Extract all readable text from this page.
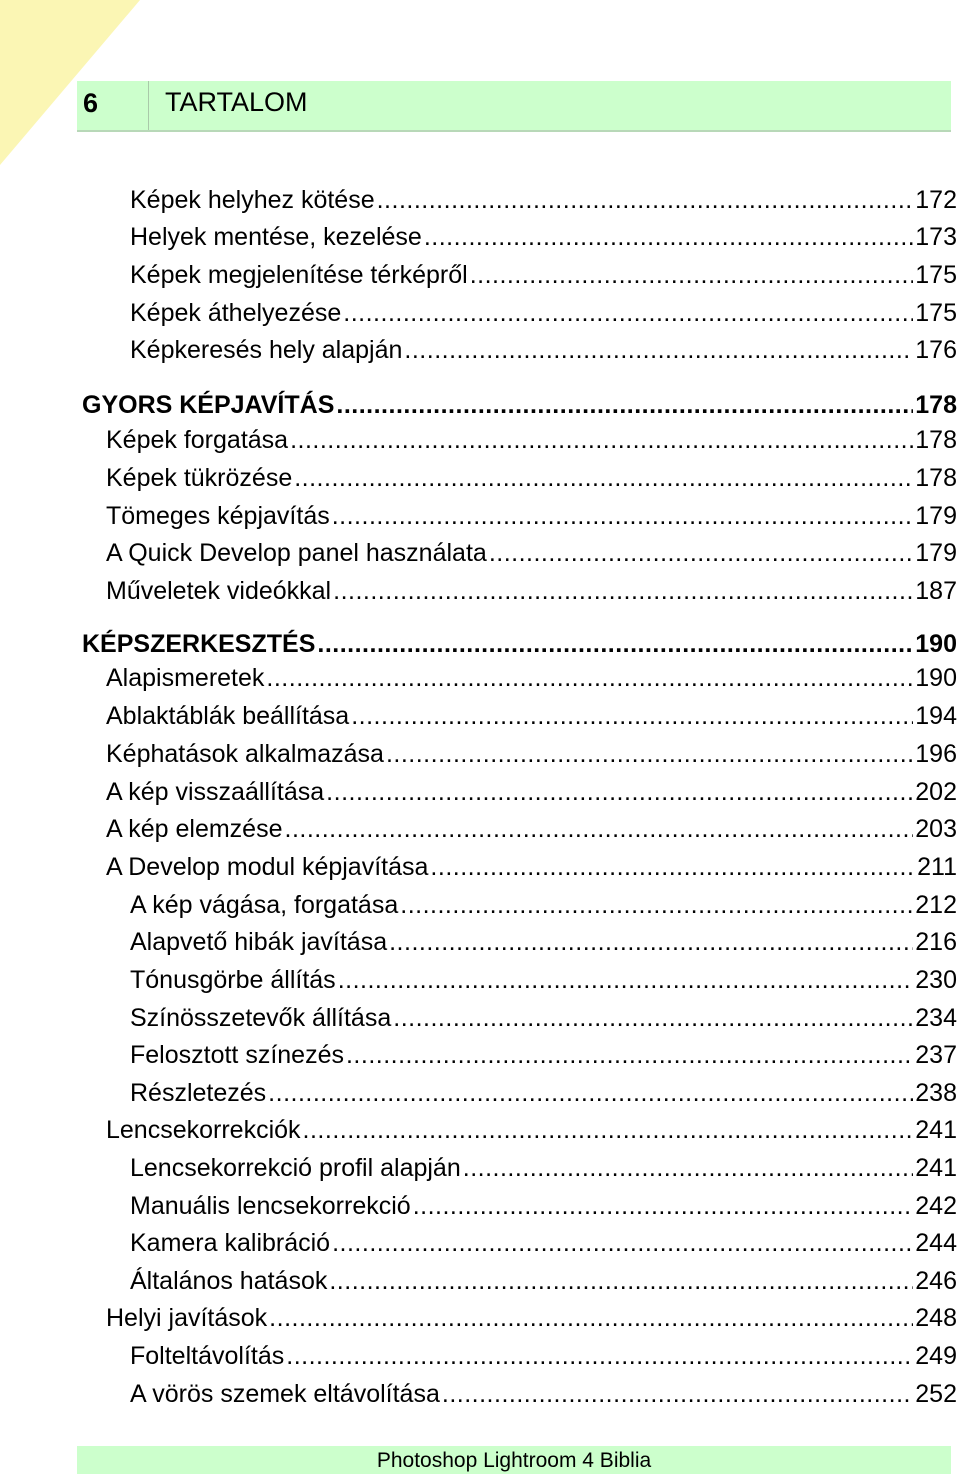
6 TARTALOM
Képek helyhez kötése .....	172
Helyek mentése, kezelése .....	173
Képek megjelenítése térképről .....	175
Képek áthelyezése .....	175
Képkeresés hely alapján .....	176
GYORS KÉPJAVÍTÁS .....	178
Képek forgatása .....	178
Képek tükrözése .....	178
Tömeges képjavítás .....	179
A Quick Develop panel használata .....	179
Műveletek videókkal .....	187
KÉPSZERKESZTÉS .....	190
Alapismeretek .....	190
Ablaktáblák beállítása .....	194
Képhatások alkalmazása .....	196
A kép visszaállítása .....	202
A kép elemzése .....	203
A Develop modul képjavítása .....	211
A kép vágása, forgatása .....	212
Alapvető hibák javítása .....	216
Tónusgörbe állítás .....	230
Színösszetevők állítása .....	234
Felosztott színezés .....	237
Részletezés .....	238
Lencsekorrekciók .....	241
Lencsekorrekció profil alapján .....	241
Manuális lencsekorrekció .....	242
Kamera kalibráció .....	244
Általános hatások .....	246
Helyi javítások .....	248
Folteltávolítás .....	249
A vörös szemek eltávolítása .....	252
Photoshop Lightroom 4 Biblia
